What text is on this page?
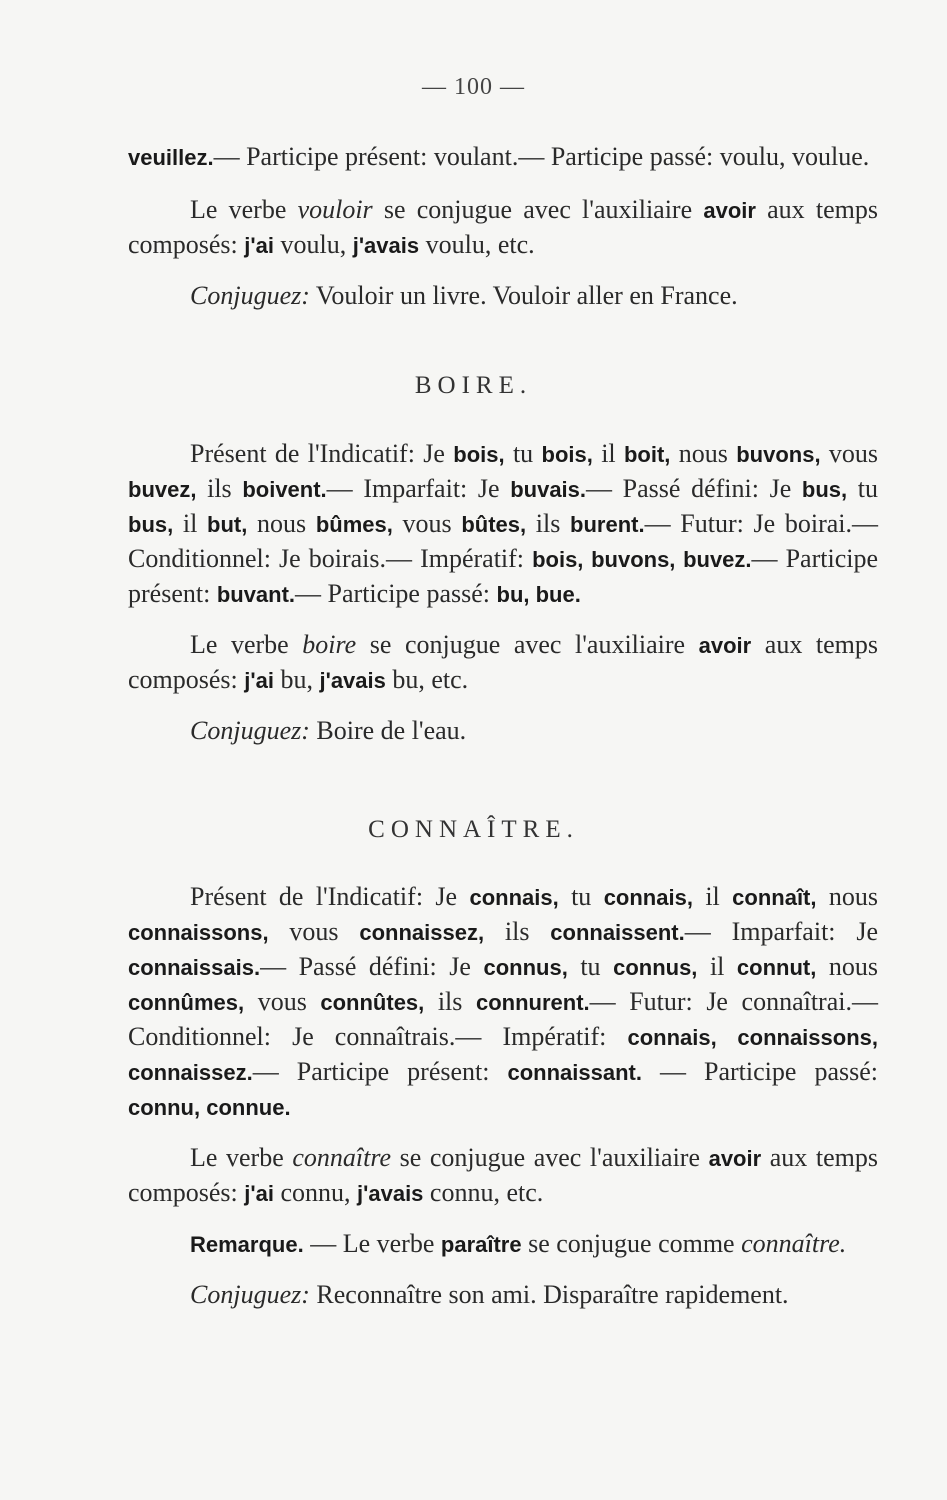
— 100 —

veuillez.— Participe présent: voulant.— Participe passé: voulu, voulue.

Le verbe vouloir se conjugue avec l'auxiliaire avoir aux temps composés: j'ai voulu, j'avais voulu, etc.

Conjuguez: Vouloir un livre. Vouloir aller en France.

BOIRE.

Présent de l'Indicatif: Je bois, tu bois, il boit, nous buvons, vous buvez, ils boivent.— Imparfait: Je buvais.— Passé défini: Je bus, tu bus, il but, nous bûmes, vous bûtes, ils burent.— Futur: Je boirai.— Conditionnel: Je boirais.— Impératif: bois, buvons, buvez.— Participe présent: buvant.— Participe passé: bu, bue.

Le verbe boire se conjugue avec l'auxiliaire avoir aux temps composés: j'ai bu, j'avais bu, etc.

Conjuguez: Boire de l'eau.

CONNAÎTRE.

Présent de l'Indicatif: Je connais, tu connais, il connaît, nous connaissons, vous connaissez, ils connaissent.— Imparfait: Je connaissais.— Passé défini: Je connus, tu connus, il connut, nous connûmes, vous connûtes, ils connurent.— Futur: Je connaîtrai.— Conditionnel: Je connaîtrais.— Impératif: connais, connaissons, connaissez.— Participe présent: connaissant. — Participe passé: connu, connue.

Le verbe connaître se conjugue avec l'auxiliaire avoir aux temps composés: j'ai connu, j'avais connu, etc.

Remarque. — Le verbe paraître se conjugue comme connaître.

Conjuguez: Reconnaître son ami. Disparaître rapidement.
